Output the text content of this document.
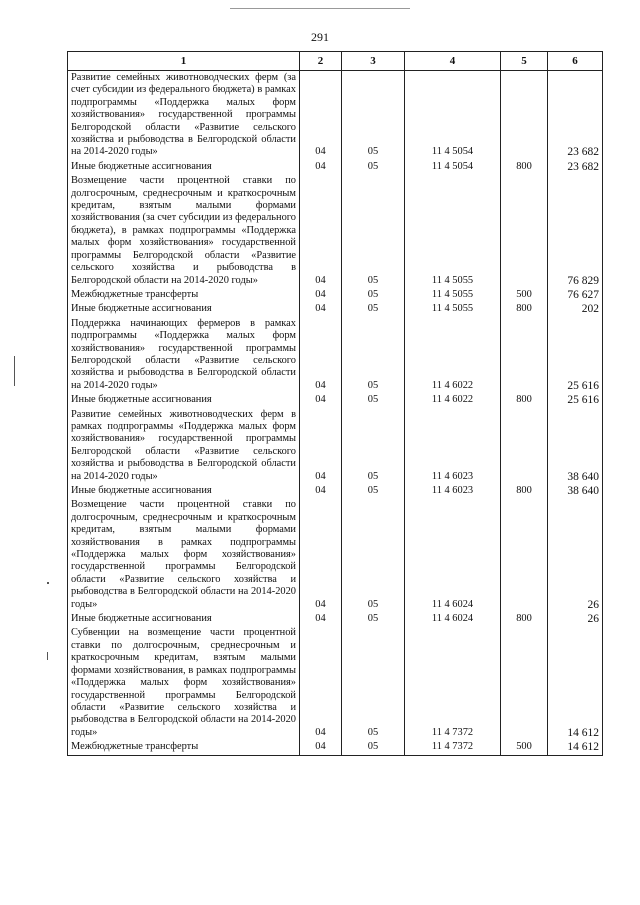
291
1	2	3	4	5	6
Развитие семейных животноводческих ферм (за счет субсидии из федерального бюджета) в рамках подпрограммы «Поддержка малых форм хозяйствования» государственной программы Белгородской области «Развитие сельского хозяйства и рыбоводства в Белгородской области на 2014-2020 годы»	04	05	11 4 5054		23 682
Иные бюджетные ассигнования	04	05	11 4 5054	800	23 682
Возмещение части процентной ставки по долгосрочным, среднесрочным и краткосрочным кредитам, взятым малыми формами хозяйствования (за счет субсидии из федерального бюджета), в рамках подпрограммы «Поддержка малых форм хозяйствования» государственной программы Белгородской области «Развитие сельского хозяйства и рыбоводства в Белгородской области на 2014-2020 годы»	04	05	11 4 5055		76 829
Межбюджетные трансферты	04	05	11 4 5055	500	76 627
Иные бюджетные ассигнования	04	05	11 4 5055	800	202
Поддержка начинающих фермеров в рамках подпрограммы «Поддержка малых форм хозяйствования» государственной программы Белгородской области «Развитие сельского хозяйства и рыбоводства в Белгородской области на 2014-2020 годы»	04	05	11 4 6022		25 616
Иные бюджетные ассигнования	04	05	11 4 6022	800	25 616
Развитие семейных животноводческих ферм в рамках подпрограммы «Поддержка малых форм хозяйствования» государственной программы Белгородской области «Развитие сельского хозяйства и рыбоводства в Белгородской области на 2014-2020 годы»	04	05	11 4 6023		38 640
Иные бюджетные ассигнования	04	05	11 4 6023	800	38 640
Возмещение части процентной ставки по долгосрочным, среднесрочным и краткосрочным кредитам, взятым малыми формами хозяйствования в рамках подпрограммы «Поддержка малых форм хозяйствования» государственной программы Белгородской области «Развитие сельского хозяйства и рыбоводства в Белгородской области на 2014-2020 годы»	04	05	11 4 6024		26
Иные бюджетные ассигнования	04	05	11 4 6024	800	26
Субвенции на возмещение части процентной ставки по долгосрочным, среднесрочным и краткосрочным кредитам, взятым малыми формами хозяйствования, в рамках подпрограммы «Поддержка малых форм хозяйствования» государственной программы Белгородской области «Развитие сельского хозяйства и рыбоводства в Белгородской области на 2014-2020 годы»	04	05	11 4 7372		14 612
Межбюджетные трансферты	04	05	11 4 7372	500	14 612
